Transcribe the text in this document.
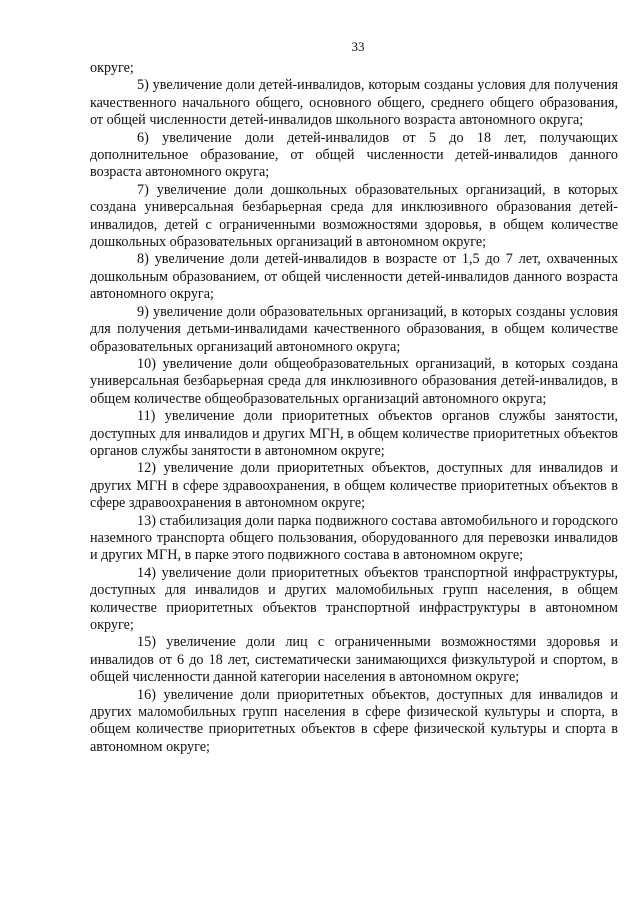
33

округе;

5) увеличение доли детей-инвалидов, которым созданы условия для получения качественного начального общего, основного общего, среднего общего образования, от общей численности детей-инвалидов школьного возраста автономного округа;

6) увеличение доли детей-инвалидов от 5 до 18 лет, получающих дополнительное образование, от общей численности детей-инвалидов данного возраста автономного округа;

7) увеличение доли дошкольных образовательных организаций, в которых создана универсальная безбарьерная среда для инклюзивного образования детей-инвалидов, детей с ограниченными возможностями здоровья, в общем количестве дошкольных образовательных организаций в автономном округе;

8) увеличение доли детей-инвалидов в возрасте от 1,5 до 7 лет, охваченных дошкольным образованием, от общей численности детей-инвалидов данного возраста автономного округа;

9) увеличение доли образовательных организаций, в которых созданы условия для получения детьми-инвалидами качественного образования, в общем количестве образовательных организаций автономного округа;

10) увеличение доли общеобразовательных организаций, в которых создана универсальная безбарьерная среда для инклюзивного образования детей-инвалидов, в общем количестве общеобразовательных организаций автономного округа;

11) увеличение доли приоритетных объектов органов службы занятости, доступных для инвалидов и других МГН, в общем количестве приоритетных объектов органов службы занятости в автономном округе;

12) увеличение доли приоритетных объектов, доступных для инвалидов и других МГН в сфере здравоохранения, в общем количестве приоритетных объектов в сфере здравоохранения в автономном округе;

13) стабилизация доли парка подвижного состава автомобильного и городского наземного транспорта общего пользования, оборудованного для перевозки инвалидов и других МГН, в парке этого подвижного состава в автономном округе;

14) увеличение доли приоритетных объектов транспортной инфраструктуры, доступных для инвалидов и других маломобильных групп населения, в общем количестве приоритетных объектов транспортной инфраструктуры в автономном округе;

15) увеличение доли лиц с ограниченными возможностями здоровья и инвалидов от 6 до 18 лет, систематически занимающихся физкультурой и спортом, в общей численности данной категории населения в автономном округе;

16) увеличение доли приоритетных объектов, доступных для инвалидов и других маломобильных групп населения в сфере физической культуры и спорта, в общем количестве приоритетных объектов в сфере физической культуры и спорта в автономном округе;
